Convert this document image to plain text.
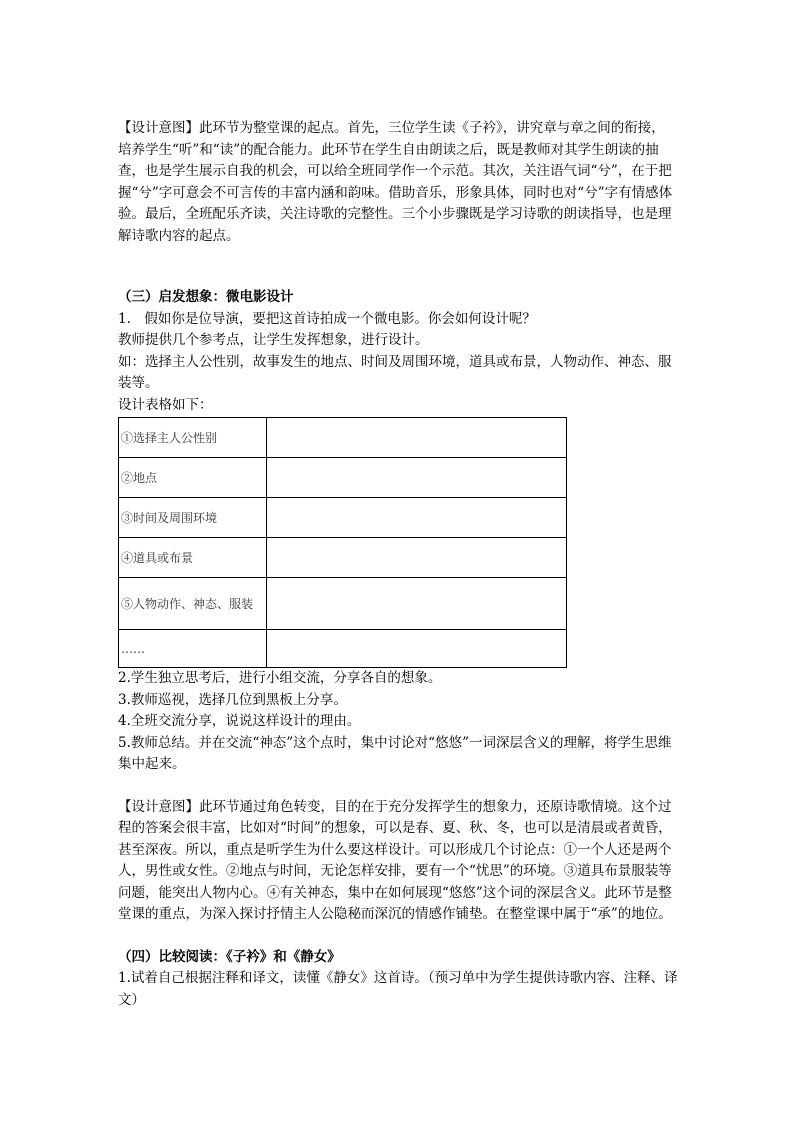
【设计意图】此环节为整堂课的起点。首先，三位学生读《子衿》，讲究章与章之间的衔接，培养学生“听”和“读”的配合能力。此环节在学生自由朗读之后，既是教师对其学生朗读的抽查，也是学生展示自我的机会，可以给全班同学作一个示范。其次，关注语气词“兮”，在于把握“兮”字可意会不可言传的丰富内涵和韵味。借助音乐，形象具体，同时也对“兮”字有情感体验。最后，全班配乐齐读，关注诗歌的完整性。三个小步骤既是学习诗歌的朗读指导，也是理解诗歌内容的起点。

（三）启发想象：微电影设计

1.　假如你是位导演，要把这首诗拍成一个微电影。你会如何设计呢？

教师提供几个参考点，让学生发挥想象，进行设计。

如：选择主人公性别，故事发生的地点、时间及周围环境，道具或布景，人物动作、神态、服装等。

设计表格如下：

①选择主人公性别	
②地点	
③时间及周围环境	
④道具或布景	
⑤人物动作、神态、服装	
……	

2.学生独立思考后，进行小组交流，分享各自的想象。

3.教师巡视，选择几位到黑板上分享。

4.全班交流分享，说说这样设计的理由。

5.教师总结。并在交流“神态”这个点时，集中讨论对“悠悠”一词深层含义的理解，将学生思维集中起来。

【设计意图】此环节通过角色转变，目的在于充分发挥学生的想象力，还原诗歌情境。这个过程的答案会很丰富，比如对“时间”的想象，可以是春、夏、秋、冬，也可以是清晨或者黄昏，甚至深夜。所以，重点是听学生为什么要这样设计。可以形成几个讨论点：①一个人还是两个人，男性或女性。②地点与时间，无论怎样安排，要有一个“忧思”的环境。③道具布景服装等问题，能突出人物内心。④有关神态，集中在如何展现“悠悠”这个词的深层含义。此环节是整堂课的重点，为深入探讨抒情主人公隐秘而深沉的情感作铺垫。在整堂课中属于“承”的地位。

（四）比较阅读：《子衿》和《静女》

1.试着自己根据注释和译文，读懂《静女》这首诗。（预习单中为学生提供诗歌内容、注释、译文）
